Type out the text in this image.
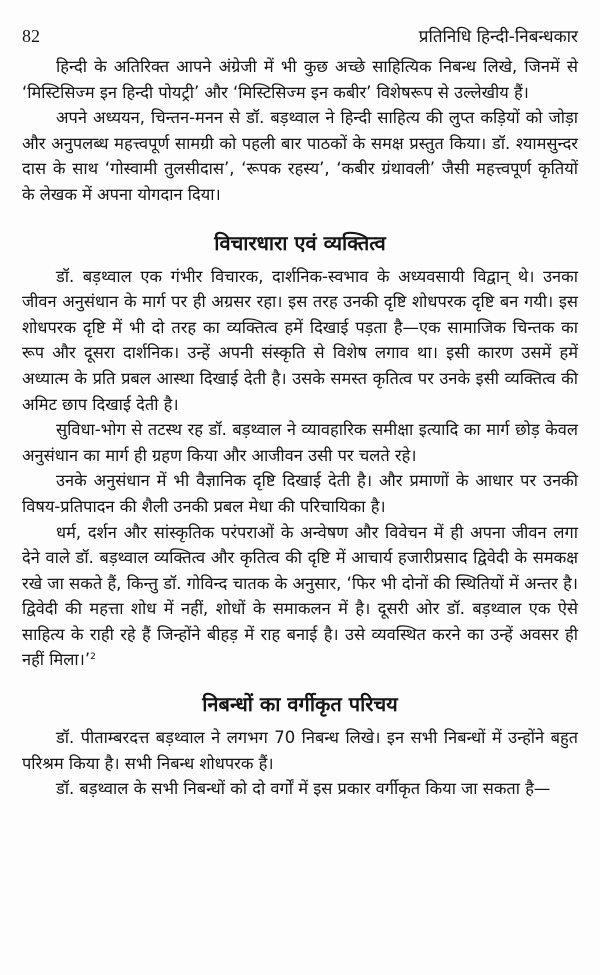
82	प्रतिनिधि हिन्दी-निबन्धकार

हिन्दी के अतिरिक्त आपने अंग्रेजी में भी कुछ अच्छे साहित्यिक निबन्ध लिखे, जिनमें से ‘मिस्टिसिज्म इन हिन्दी पोयट्री’ और ‘मिस्टिसिज्म इन कबीर’ विशेषरूप से उल्लेखीय हैं।

अपने अध्ययन, चिन्तन-मनन से डॉ. बड़थ्वाल ने हिन्दी साहित्य की लुप्त कड़ियों को जोड़ा और अनुपलब्ध महत्त्वपूर्ण सामग्री को पहली बार पाठकों के समक्ष प्रस्तुत किया। डॉ. श्यामसुन्दर दास के साथ ‘गोस्वामी तुलसीदास’, ‘रूपक रहस्य’, ‘कबीर ग्रंथावली’ जैसी महत्त्वपूर्ण कृतियों के लेखक में अपना योगदान दिया।

विचारधारा एवं व्यक्तित्व

डॉ. बड़थ्वाल एक गंभीर विचारक, दार्शनिक-स्वभाव के अध्यवसायी विद्वान् थे। उनका जीवन अनुसंधान के मार्ग पर ही अग्रसर रहा। इस तरह उनकी दृष्टि शोधपरक दृष्टि बन गयी। इस शोधपरक दृष्टि में भी दो तरह का व्यक्तित्व हमें दिखाई पड़ता है—एक सामाजिक चिन्तक का रूप और दूसरा दार्शनिक। उन्हें अपनी संस्कृति से विशेष लगाव था। इसी कारण उसमें हमें अध्यात्म के प्रति प्रबल आस्था दिखाई देती है। उसके समस्त कृतित्व पर उनके इसी व्यक्तित्व की अमिट छाप दिखाई देती है।

सुविधा-भोग से तटस्थ रह डॉ. बड़थ्वाल ने व्यावहारिक समीक्षा इत्यादि का मार्ग छोड़ केवल अनुसंधान का मार्ग ही ग्रहण किया और आजीवन उसी पर चलते रहे।

उनके अनुसंधान में भी वैज्ञानिक दृष्टि दिखाई देती है। और प्रमाणों के आधार पर उनकी विषय-प्रतिपादन की शैली उनकी प्रबल मेधा की परिचायिका है।

धर्म, दर्शन और सांस्कृतिक परंपराओं के अन्वेषण और विवेचन में ही अपना जीवन लगा देने वाले डॉ. बड़थ्वाल व्यक्तित्व और कृतित्व की दृष्टि में आचार्य हजारीप्रसाद द्विवेदी के समकक्ष रखे जा सकते हैं, किन्तु डॉ. गोविन्द चातक के अनुसार, ‘फिर भी दोनों की स्थितियों में अन्तर है। द्विवेदी की महत्ता शोध में नहीं, शोधों के समाकलन में है। दूसरी ओर डॉ. बड़थ्वाल एक ऐसे साहित्य के राही रहे हैं जिन्होंने बीहड़ में राह बनाई है। उसे व्यवस्थित करने का उन्हें अवसर ही नहीं मिला।’$^2$

निबन्धों का वर्गीकृत परिचय

डॉ. पीताम्बरदत्त बड़थ्वाल ने लगभग 70 निबन्ध लिखे। इन सभी निबन्धों में उन्होंने बहुत परिश्रम किया है। सभी निबन्ध शोधपरक हैं।

डॉ. बड़थ्वाल के सभी निबन्धों को दो वर्गों में इस प्रकार वर्गीकृत किया जा सकता है—
